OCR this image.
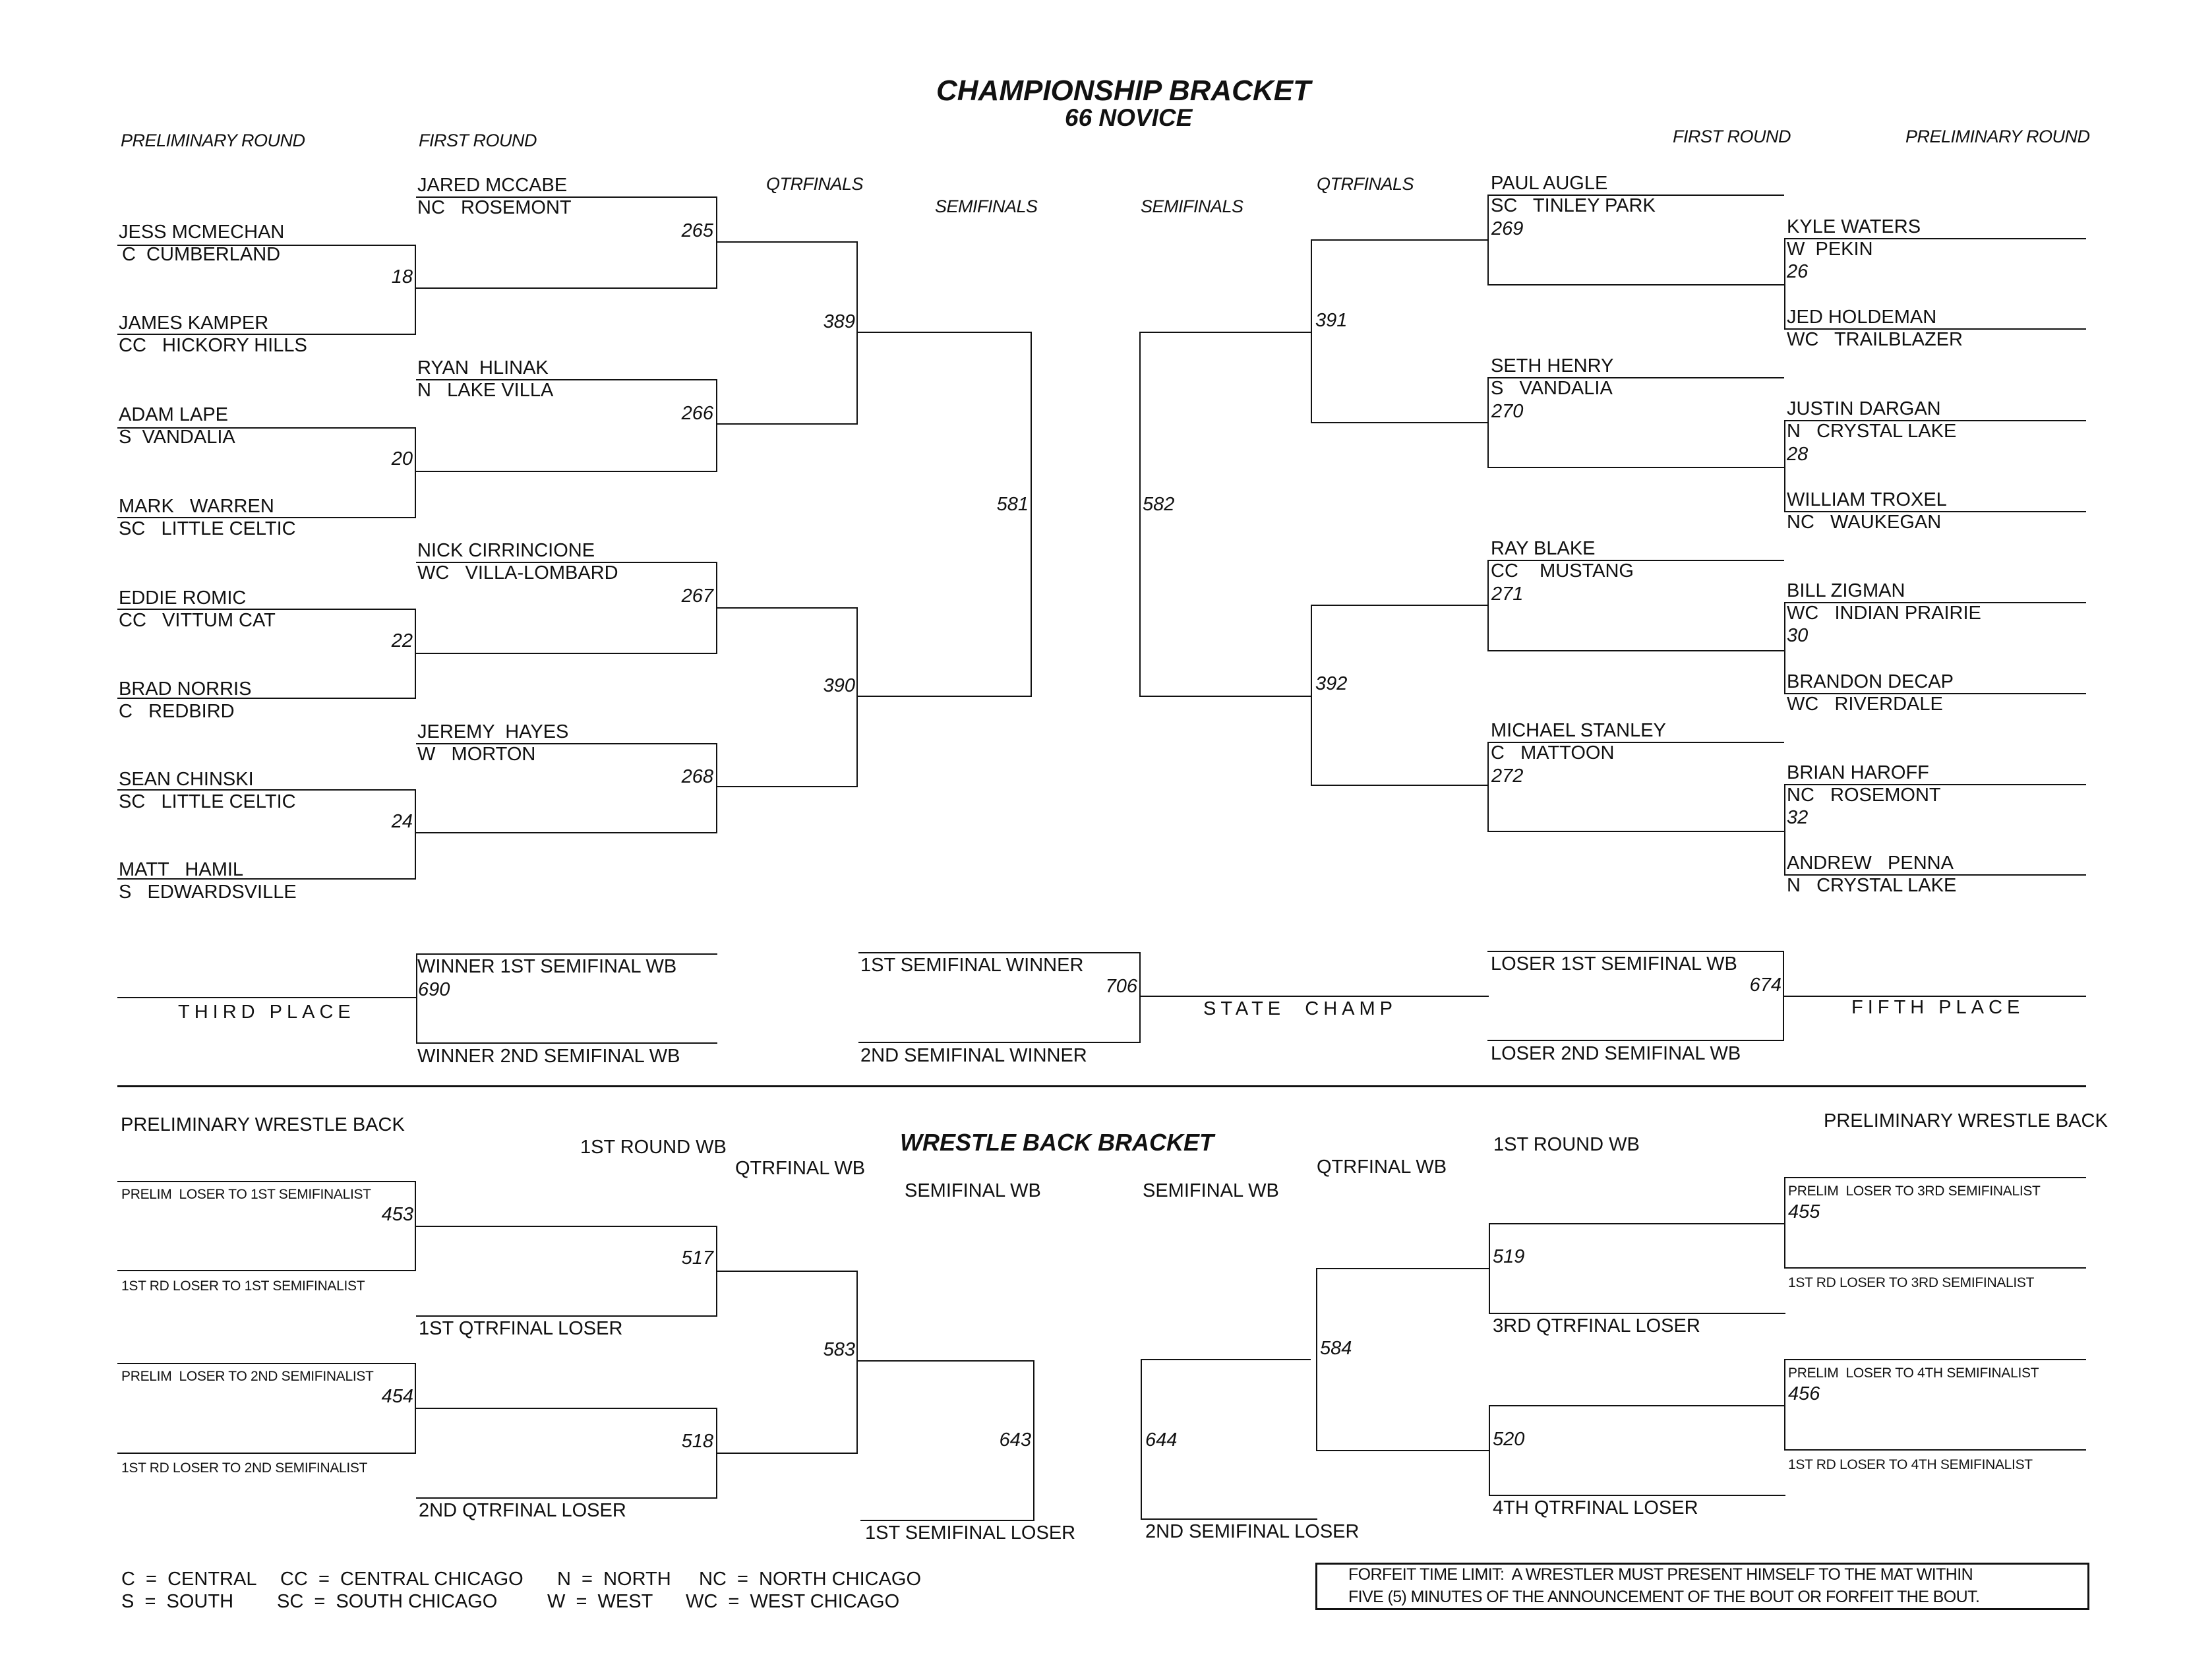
CHAMPIONSHIP BRACKET
66 NOVICE
PRELIMINARY ROUND	FIRST ROUND
QTRFINALS
SEMIFINALS	SEMIFINALS
QTRFINALS
FIRST ROUND	PRELIMINARY ROUND
JESS MCMECHAN
C  CUMBERLAND
JAMES KAMPER
CC   HICKORY HILLS
ADAM LAPE
S  VANDALIA
MARK   WARREN
SC   LITTLE CELTIC
EDDIE ROMIC
CC   VITTUM CAT
BRAD NORRIS
C   REDBIRD
SEAN CHINSKI
SC   LITTLE CELTIC
MATT   HAMIL
S   EDWARDSVILLE
18
20
22
24
JARED MCCABE
NC   ROSEMONT
265
RYAN  HLINAK
N   LAKE VILLA
266
NICK CIRRINCIONE
WC   VILLA-LOMBARD
267
JEREMY  HAYES
W   MORTON
268
389
390
581	582
391
392
PAUL AUGLE
SC   TINLEY PARK
269
SETH HENRY
S   VANDALIA
270
RAY BLAKE
CC    MUSTANG
271
MICHAEL STANLEY
C   MATTOON
272
KYLE WATERS
W  PEKIN
JED HOLDEMAN
WC   TRAILBLAZER
26
JUSTIN DARGAN
N   CRYSTAL LAKE
WILLIAM TROXEL
NC   WAUKEGAN
28
BILL ZIGMAN
WC   INDIAN PRAIRIE
BRANDON DECAP
WC   RIVERDALE
30
BRIAN HAROFF
NC   ROSEMONT
ANDREW   PENNA
N   CRYSTAL LAKE
32
WINNER 1ST SEMIFINAL WB
690
WINNER 2ND SEMIFINAL WB
THIRD PLACE
1ST SEMIFINAL WINNER
706
2ND SEMIFINAL WINNER
STATE  CHAMP
LOSER 1ST SEMIFINAL WB
674
LOSER 2ND SEMIFINAL WB
FIFTH PLACE
WRESTLE BACK BRACKET
PRELIMINARY WRESTLE BACK
1ST ROUND WB
QTRFINAL WB
SEMIFINAL WB	SEMIFINAL WB
QTRFINAL WB
1ST ROUND WB
PRELIMINARY WRESTLE BACK
PRELIM  LOSER TO 1ST SEMIFINALIST
453
1ST RD LOSER TO 1ST SEMIFINALIST
PRELIM  LOSER TO 2ND SEMIFINALIST
454
1ST RD LOSER TO 2ND SEMIFINALIST
517
1ST QTRFINAL LOSER
518
2ND QTRFINAL LOSER
583
643
1ST SEMIFINAL LOSER
644
2ND SEMIFINAL LOSER
584
519
3RD QTRFINAL LOSER
520
4TH QTRFINAL LOSER
PRELIM  LOSER TO 3RD SEMIFINALIST
455
1ST RD LOSER TO 3RD SEMIFINALIST
PRELIM  LOSER TO 4TH SEMIFINALIST
456
1ST RD LOSER TO 4TH SEMIFINALIST
C  =  CENTRAL CC  =  CENTRAL CHICAGO N  =  NORTH NC  =  NORTH CHICAGO
S  =  SOUTH SC  =  SOUTH CHICAGO	W  =  WEST WC  =  WEST CHICAGO
FORFEIT TIME LIMIT:  A WRESTLER MUST PRESENT HIMSELF TO THE MAT WITHIN
FIVE (5) MINUTES OF THE ANNOUNCEMENT OF THE BOUT OR FORFEIT THE BOUT.
